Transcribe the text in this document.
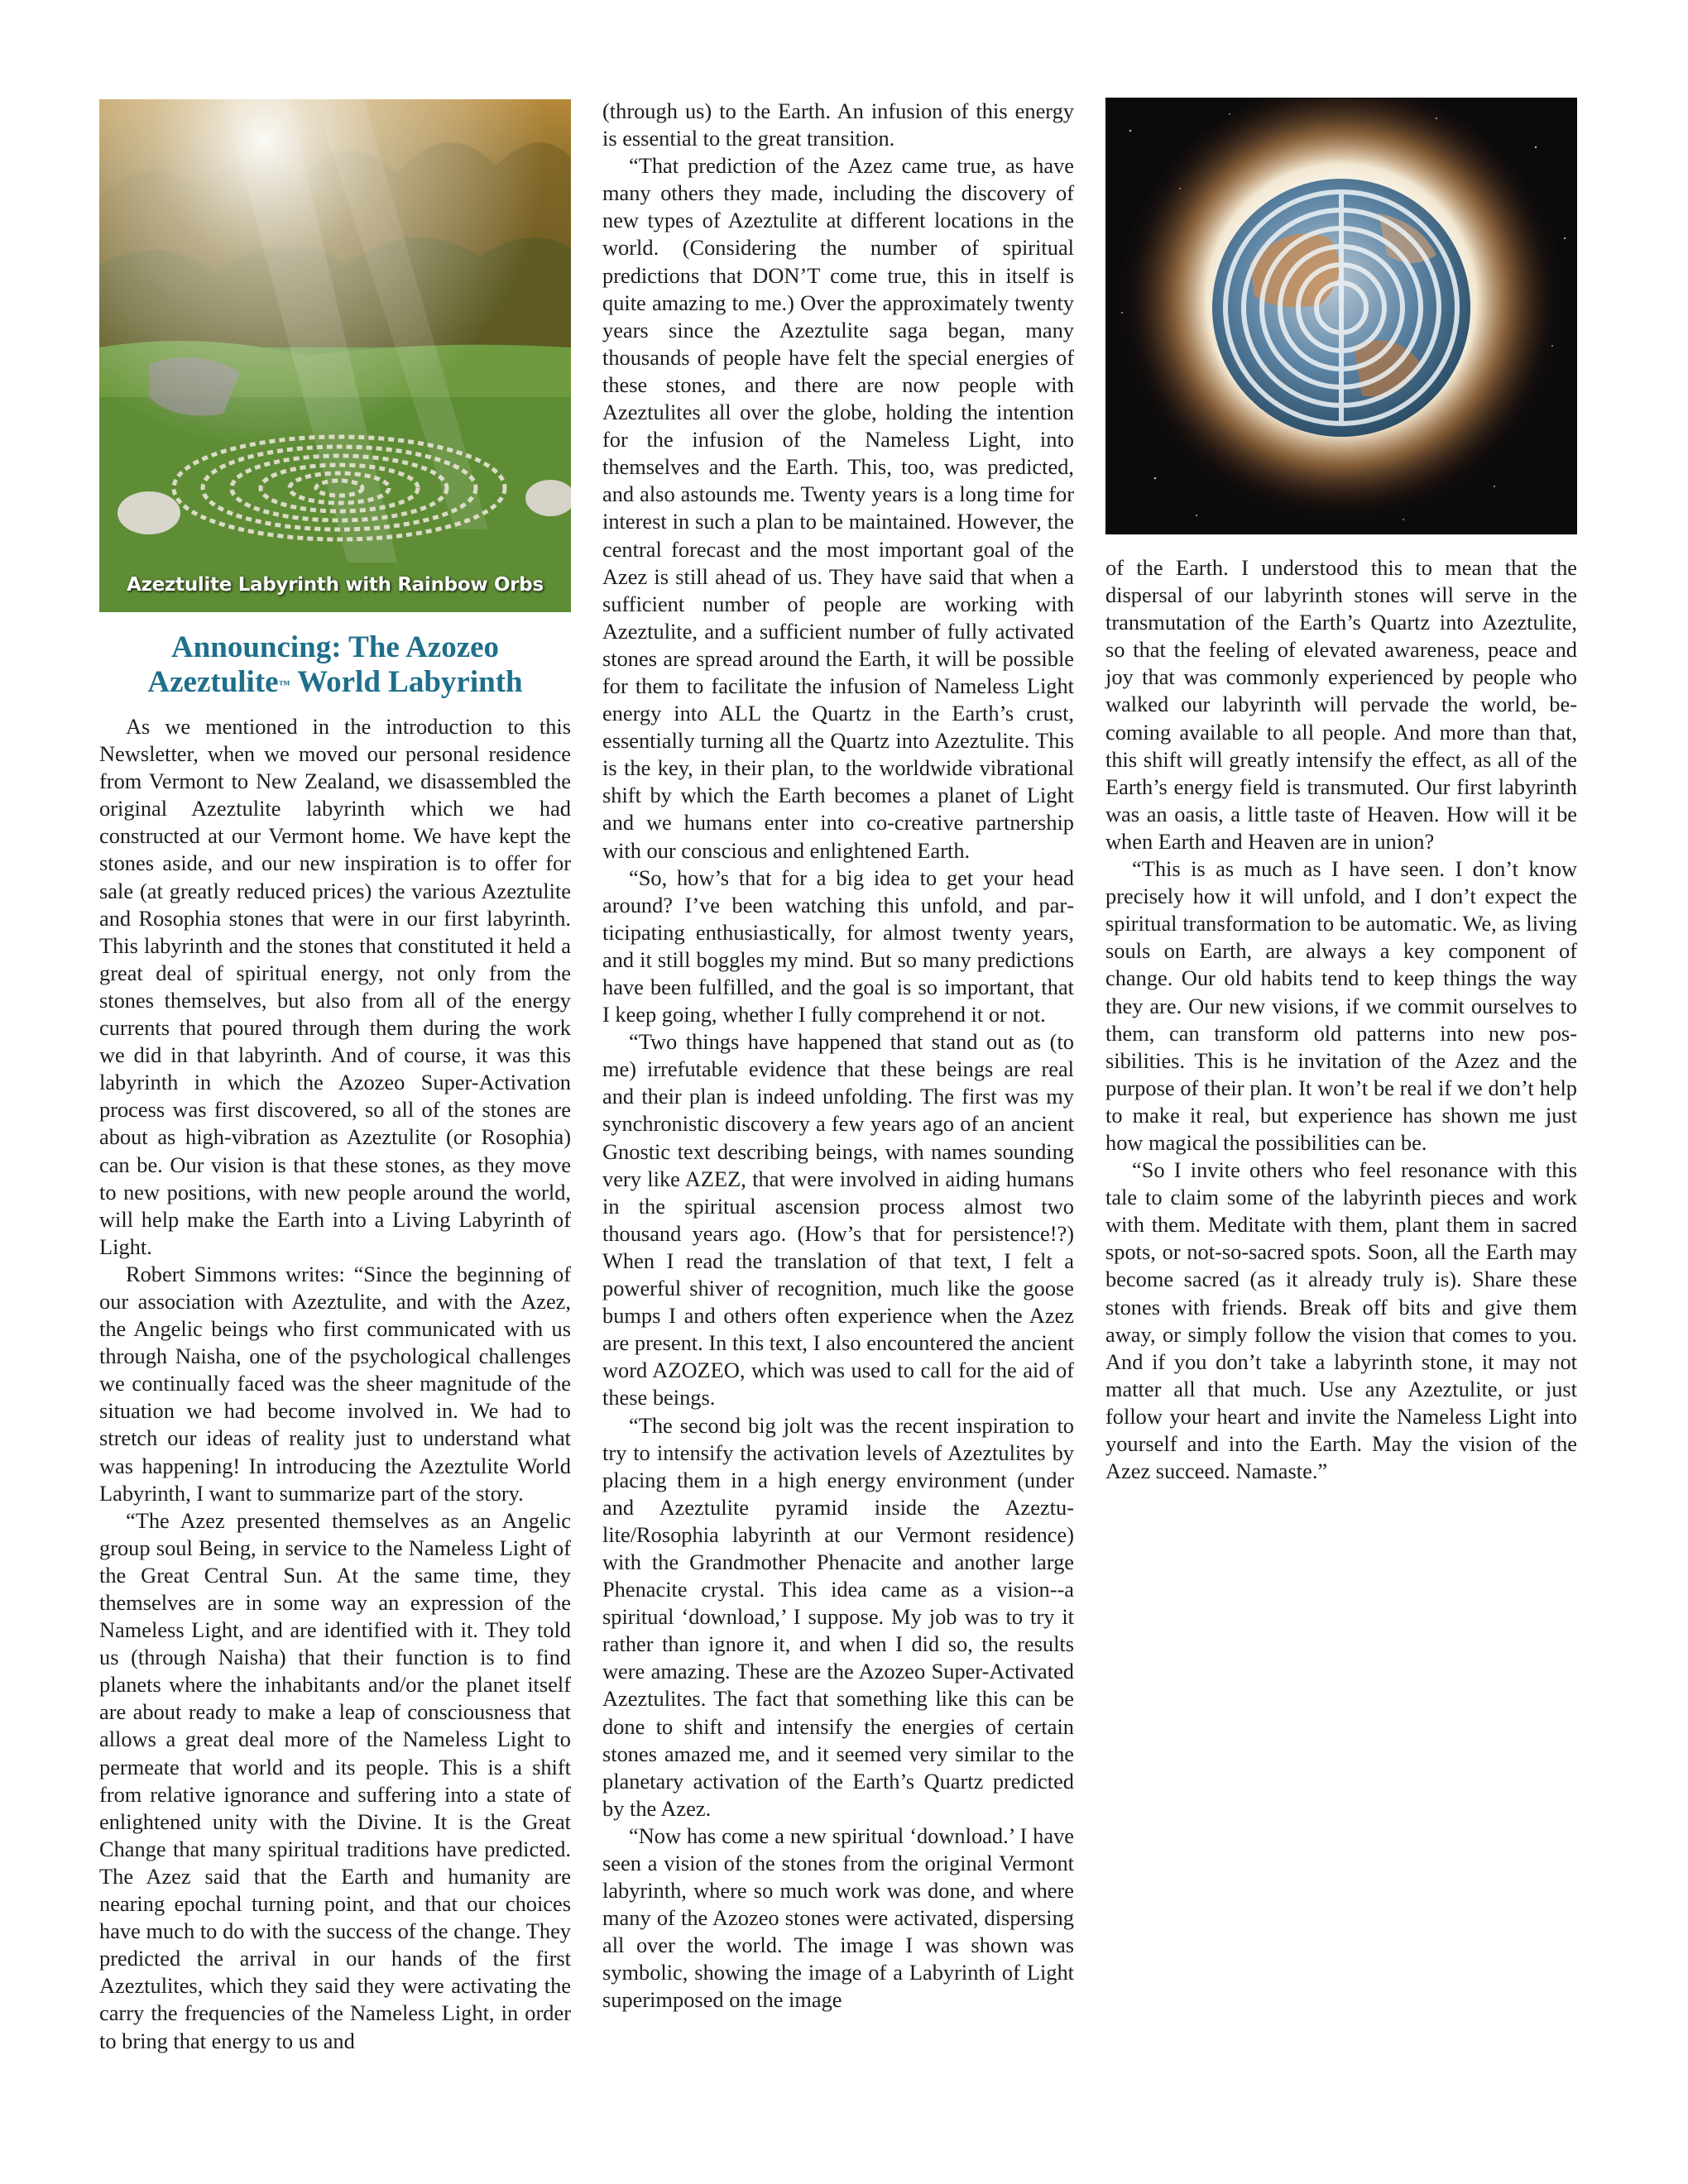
Azeztulite Labyrinth with Rainbow Orbs
Announcing: The Azozeo
Azeztulite™ World Labyrinth

As we mentioned in the introduction to this Newsletter, when we moved our personal residence from Vermont to New Zealand, we disassembled the original Azeztulite labyrinth which we had constructed at our Vermont home. We have kept the stones aside, and our new inspiration is to offer for sale (at greatly reduced prices) the various Azeztulite and Rosophia stones that were in our first labyrinth. This labyrinth and the stones that constituted it held a great deal of spiritual energy, not only from the stones themselves, but also from all of the energy currents that poured through them during the work we did in that labyrinth. And of course, it was this labyrinth in which the Azozeo Super-Activation process was first discovered, so all of the stones are about as high-vibration as Azeztulite (or Rosophia) can be. Our vision is that these stones, as they move to new positions, with new people around the world, will help make the Earth into a Living Labyrinth of Light.

Robert Simmons writes: “Since the beginning of our association with Azeztulite, and with the Azez, the Angelic beings who first communicated with us through Naisha, one of the psychological challenges we continually faced was the sheer magnitude of the situation we had become involved in. We had to stretch our ideas of reality just to understand what was happening! In introducing the Azeztulite World Labyrinth, I want to summarize part of the story.

“The Azez presented themselves as an Angelic group soul Being, in service to the Nameless Light of the Great Central Sun. At the same time, they themselves are in some way an expression of the Nameless Light, and are identified with it. They told us (through Naisha) that their function is to find planets where the inhabitants and/or the planet itself are about ready to make a leap of consciousness that allows a great deal more of the Nameless Light to permeate that world and its people. This is a shift from relative ignorance and suffering into a state of enlightened unity with the Divine. It is the Great Change that many spiritual traditions have predicted. The Azez said that the Earth and humanity are nearing epochal turning point, and that our choices have much to do with the success of the change. They predicted the arrival in our hands of the first Azeztulites, which they said they were activating the carry the frequencies of the Nameless Light, in order to bring that energy to us and

(through us) to the Earth. An infusion of this energy is essential to the great transition.

“That prediction of the Azez came true, as have many others they made, including the discovery of new types of Azeztulite at different locations in the world. (Considering the number of spiritual predictions that DON’T come true, this in itself is quite amazing to me.) Over the approximately twenty years since the Azeztulite saga began, many thousands of people have felt the special energies of these stones, and there are now people with Azeztulites all over the globe, holding the intention for the infusion of the Nameless Light, into themselves and the Earth. This, too, was predicted, and also astounds me. Twenty years is a long time for interest in such a plan to be maintained. However, the central forecast and the most important goal of the Azez is still ahead of us. They have said that when a sufficient number of people are working with Azeztulite, and a sufficient number of fully activated stones are spread around the Earth, it will be possible for them to facilitate the infusion of Nameless Light energy into ALL the Quartz in the Earth’s crust, essentially turning all the Quartz into Azeztulite. This is the key, in their plan, to the worldwide vibrational shift by which the Earth becomes a planet of Light and we humans enter into co-creative partnership with our conscious and enlightened Earth.

“So, how’s that for a big idea to get your head around? I’ve been watching this unfold, and participating enthusiastically, for almost twenty years, and it still boggles my mind. But so many predictions have been fulfilled, and the goal is so important, that I keep going, whether I fully comprehend it or not.

“Two things have happened that stand out as (to me) irrefutable evidence that these beings are real and their plan is indeed unfolding. The first was my synchronistic discovery a few years ago of an ancient Gnostic text describing beings, with names sounding very like AZEZ, that were involved in aiding humans in the spiritual ascension process almost two thousand years ago. (How’s that for persistence!?) When I read the translation of that text, I felt a powerful shiver of recognition, much like the goose bumps I and others often experience when the Azez are present. In this text, I also encountered the ancient word AZOZEO, which was used to call for the aid of these beings.

“The second big jolt was the recent inspiration to try to intensify the activation levels of Azeztulites by placing them in a high energy environment (under and Azeztulite pyramid inside the Azeztulite/Rosophia labyrinth at our Vermont residence) with the Grandmother Phenacite and another large Phenacite crystal. This idea came as a vision--a spiritual ‘download,’ I suppose. My job was to try it rather than ignore it, and when I did so, the results were amazing. These are the Azozeo Super-Activated Azeztulites. The fact that something like this can be done to shift and intensify the energies of certain stones amazed me, and it seemed very similar to the planetary activation of the Earth’s Quartz predicted by the Azez.

“Now has come a new spiritual ‘download.’ I have seen a vision of the stones from the original Vermont labyrinth, where so much work was done, and where many of the Azozeo stones were activated, dispersing all over the world. The image I was shown was symbolic, showing the image of a Labyrinth of Light superimposed on the image

of the Earth. I understood this to mean that the dispersal of our labyrinth stones will serve in the transmutation of the Earth’s Quartz into Azeztulite, so that the feeling of elevated awareness, peace and joy that was commonly experienced by people who walked our labyrinth will pervade the world, becoming available to all people. And more than that, this shift will greatly intensify the effect, as all of the Earth’s energy field is transmuted. Our first labyrinth was an oasis, a little taste of Heaven. How will it be when Earth and Heaven are in union?

“This is as much as I have seen. I don’t know precisely how it will unfold, and I don’t expect the spiritual transformation to be automatic. We, as living souls on Earth, are always a key component of change. Our old habits tend to keep things the way they are. Our new visions, if we commit ourselves to them, can transform old patterns into new possibilities. This is he invitation of the Azez and the purpose of their plan. It won’t be real if we don’t help to make it real, but experience has shown me just how magical the possibilities can be.

“So I invite others who feel resonance with this tale to claim some of the labyrinth pieces and work with them. Meditate with them, plant them in sacred spots, or not-so-sacred spots. Soon, all the Earth may become sacred (as it already truly is). Share these stones with friends. Break off bits and give them away, or simply follow the vision that comes to you. And if you don’t take a labyrinth stone, it may not matter all that much. Use any Azeztulite, or just follow your heart and invite the Nameless Light into yourself and into the Earth. May the vision of the Azez succeed. Namaste.”
